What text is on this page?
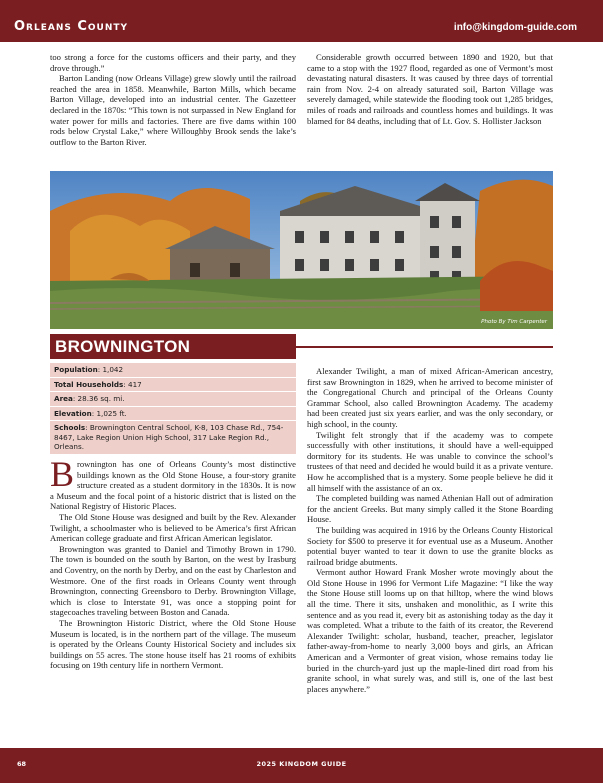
Orleans County	info@kingdom-guide.com

too strong a force for the customs officers and their party, and they drove through.”

Barton Landing (now Orleans Village) grew slowly until the railroad reached the area in 1858. Meanwhile, Barton Mills, which became Barton Village, developed into an industrial center. The Gazetteer declared in the 1870s: “This town is not surpassed in New England for water power for mills and factories. There are five dams within 100 rods below Crystal Lake,” where Willoughby Brook sends the lake’s outflow to the Barton River.

Considerable growth occurred between 1890 and 1920, but that came to a stop with the 1927 flood, regarded as one of Vermont’s most devastating natural disasters. It was caused by three days of torrential rain from Nov. 2-4 on already saturated soil, Barton Village was severely damaged, while statewide the flooding took out 1,285 bridges, miles of roads and railroads and countless homes and buildings. It was blamed for 84 deaths, including that of Lt. Gov. S. Hollister Jackson

Photo By Tim Carpenter
BROWNINGTON
Population: 1,042
Total Households: 417
Area: 28.36 sq. mi.
Elevation: 1,025 ft.
Schools: Brownington Central School, K-8, 103 Chase Rd., 754-8467, Lake Region Union High School, 317 Lake Region Rd., Orleans.

Brownington has one of Orleans County’s most distinctive buildings known as the Old Stone House, a four-story granite structure created as a student dormitory in the 1830s. It is now a Museum and the focal point of a historic district that is listed on the National Registry of Historic Places.

The Old Stone House was designed and built by the Rev. Alexander Twilight, a schoolmaster who is believed to be America’s first African American college graduate and first African American legislator.

Brownington was granted to Daniel and Timothy Brown in 1790. The town is bounded on the south by Barton, on the west by Irasburg and Coventry, on the north by Derby, and on the east by Charleston and Westmore. One of the first roads in Orleans County went through Brownington, connecting Greensboro to Derby. Brownington Village, which is close to Interstate 91, was once a stopping point for stagecoaches traveling between Boston and Canada.

The Brownington Historic District, where the Old Stone House Museum is located, is in the northern part of the village. The museum is operated by the Orleans County Historical Society and includes six buildings on 55 acres. The stone house itself has 21 rooms of exhibits focusing on 19th century life in northern Vermont.

Alexander Twilight, a man of mixed African-American ancestry, first saw Brownington in 1829, when he arrived to become minister of the Congregational Church and principal of the Orleans County Grammar School, also called Brownington Academy. The academy had been created just six years earlier, and was the only secondary, or high school, in the county.

Twilight felt strongly that if the academy was to compete successfully with other institutions, it should have a well-equipped dormitory for its students. He was unable to convince the school’s trustees of that need and decided he would build it as a private venture. How he accomplished that is a mystery. Some people believe he did it all himself with the assistance of an ox.

The completed building was named Athenian Hall out of admiration for the ancient Greeks. But many simply called it the Stone Boarding House.

The building was acquired in 1916 by the Orleans County Historical Society for $500 to preserve it for eventual use as a Museum. Another potential buyer wanted to tear it down to use the granite blocks as railroad bridge abutments.

Vermont author Howard Frank Mosher wrote movingly about the Old Stone House in 1996 for Vermont Life Magazine: “I like the way the Stone House still looms up on that hilltop, where the wind blows all the time. There it sits, unshaken and monolithic, as I write this sentence and as you read it, every bit as astonishing today as the day it was completed. What a tribute to the faith of its creator, the Reverend Alexander Twilight: scholar, husband, teacher, preacher, legislator father-away-from-home to nearly 3,000 boys and girls, an African American and a Vermonter of great vision, whose remains today lie buried in the church-yard just up the maple-lined dirt road from his granite school, in what surely was, and still is, one of the last best places anywhere.”

68	2025 KINGDOM GUIDE
